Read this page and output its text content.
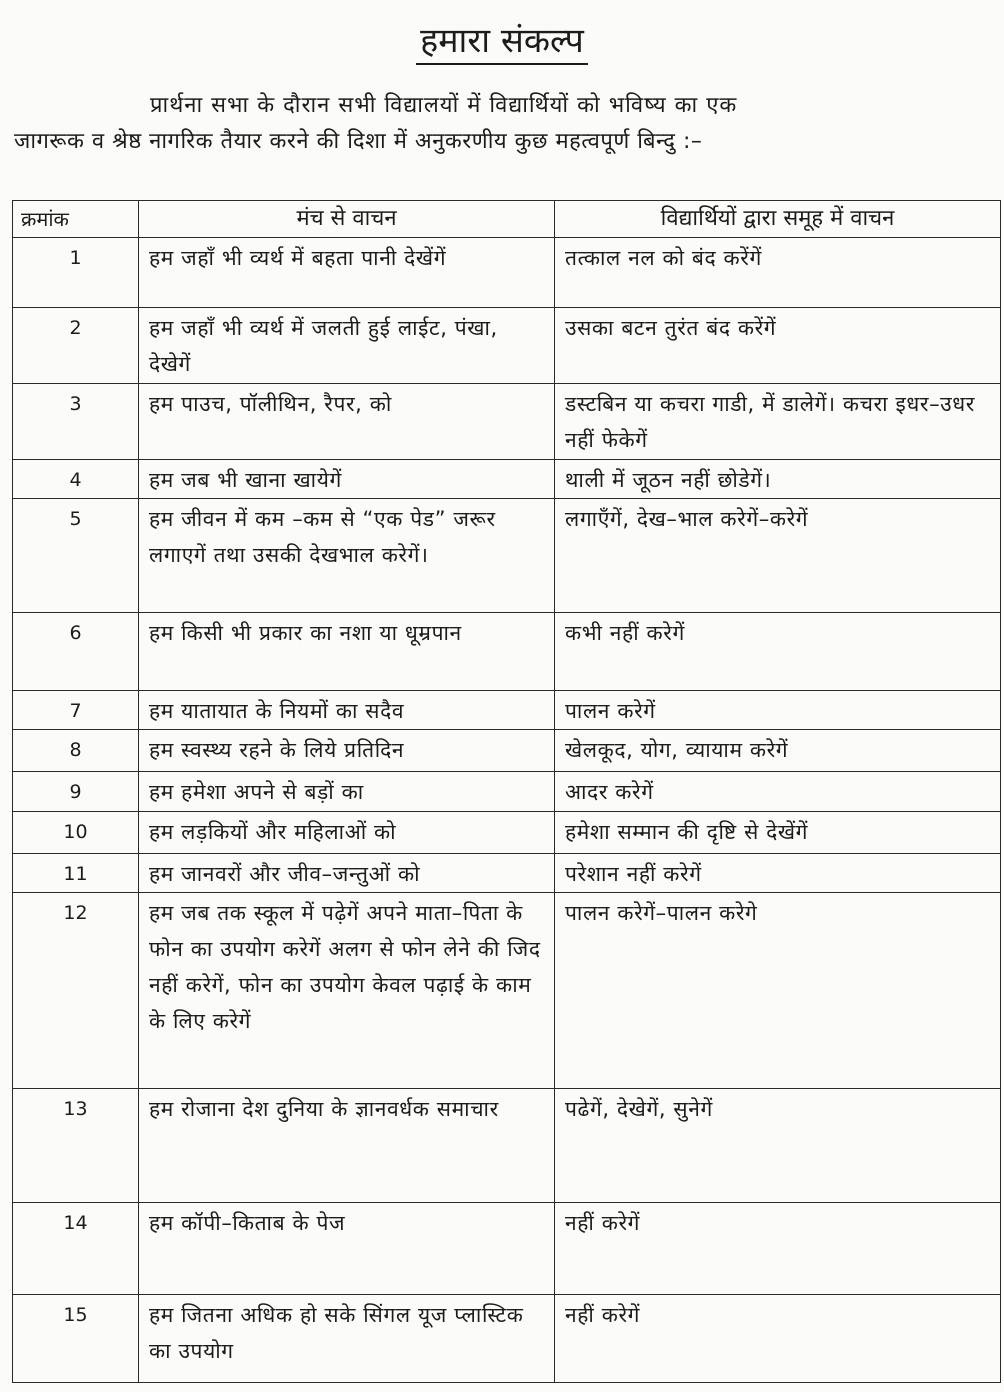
हमारा संकल्प
प्रार्थना सभा के दौरान सभी विद्यालयों में विद्यार्थियों को भविष्य का एक
जागरूक व श्रेष्ठ नागरिक तैयार करने की दिशा में अनुकरणीय कुछ महत्वपूर्ण बिन्दु :–
क्रमांक	मंच से वाचन	विद्यार्थियों द्वारा समूह में वाचन
1	हम जहाँ भी व्यर्थ में बहता पानी देखेंगें	तत्काल नल को बंद करेंगें
2	हम जहाँ भी व्यर्थ में जलती हुई लाईट, पंखा, देखेगें	उसका बटन तुरंत बंद करेंगें
3	हम पाउच, पॉलीथिन, रैपर, को	डस्टबिन या कचरा गाडी, में डालेगें। कचरा इधर–उधर नहीं फेकेगें
4	हम जब भी खाना खायेगें	थाली में जूठन नहीं छोडेगें।
5	हम जीवन में कम –कम से “एक पेड” जरूर लगाएगें तथा उसकी देखभाल करेगें।	लगाएँगें, देख–भाल करेगें–करेगें
6	हम किसी भी प्रकार का नशा या धूम्रपान	कभी नहीं करेगें
7	हम यातायात के नियमों का सदैव	पालन करेगें
8	हम स्वस्थ्य रहने के लिये प्रतिदिन	खेलकूद, योग, व्यायाम करेगें
9	हम हमेशा अपने से बड़ों का	आदर करेगें
10	हम लड़कियों और महिलाओं को	हमेशा सम्मान की दृष्टि से देखेंगें
11	हम जानवरों और जीव–जन्तुओं को	परेशान नहीं करेगें
12	हम जब तक स्कूल में पढ़ेगें अपने माता–पिता के फोन का उपयोग करेगें अलग से फोन लेने की जिद नहीं करेगें, फोन का उपयोग केवल पढ़ाई के काम के लिए करेगें	पालन करेगें–पालन करेगे
13	हम रोजाना देश दुनिया के ज्ञानवर्धक समाचार	पढेगें, देखेगें, सुनेगें
14	हम कॉपी–किताब के पेज	नहीं करेगें
15	हम जितना अधिक हो सके सिंगल यूज प्लास्टिक का उपयोग	नहीं करेगें
